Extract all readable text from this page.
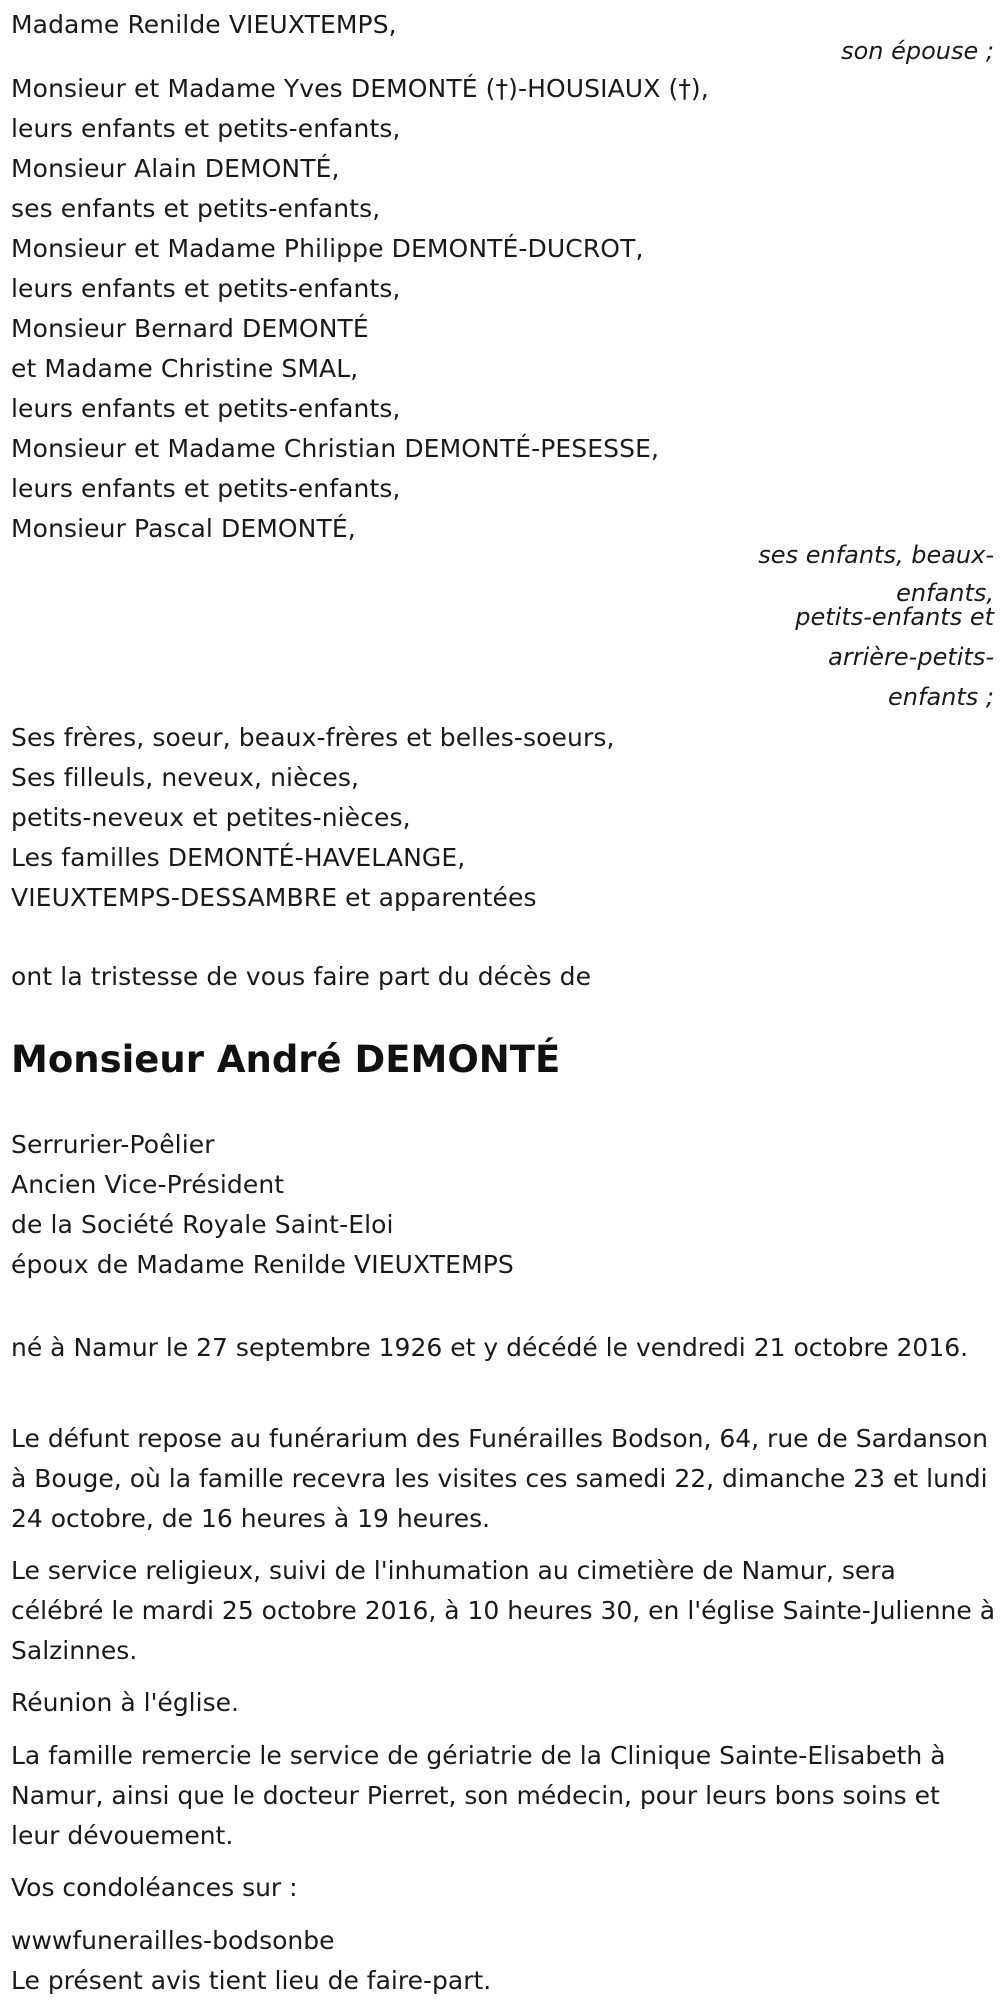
Madame Renilde VIEUXTEMPS,
son épouse ;
Monsieur et Madame Yves DEMONTÉ (†)-HOUSIAUX (†),
leurs enfants et petits-enfants,
Monsieur Alain DEMONTÉ,
ses enfants et petits-enfants,
Monsieur et Madame Philippe DEMONTÉ-DUCROT,
leurs enfants et petits-enfants,
Monsieur Bernard DEMONTÉ
et Madame Christine SMAL,
leurs enfants et petits-enfants,
Monsieur et Madame Christian DEMONTÉ-PESESSE,
leurs enfants et petits-enfants,
Monsieur Pascal DEMONTÉ,
ses enfants, beaux-
enfants,
petits-enfants et
arrière-petits-
enfants ;
Ses frères, soeur, beaux-frères et belles-soeurs,
Ses filleuls, neveux, nièces,
petits-neveux et petites-nièces,
Les familles DEMONTÉ-HAVELANGE,
VIEUXTEMPS-DESSAMBRE et apparentées
ont la tristesse de vous faire part du décès de
Monsieur André DEMONTÉ
Serrurier-Poêlier
Ancien Vice-Président
de la Société Royale Saint-Eloi
époux de Madame Renilde VIEUXTEMPS
né à Namur le 27 septembre 1926 et y décédé le vendredi 21 octobre 2016.
Le défunt repose au funérarium des Funérailles Bodson, 64, rue de Sardanson à Bouge, où la famille recevra les visites ces samedi 22, dimanche 23 et lundi 24 octobre, de 16 heures à 19 heures.
Le service religieux, suivi de l'inhumation au cimetière de Namur, sera célébré le mardi 25 octobre 2016, à 10 heures 30, en l'église Sainte-Julienne à Salzinnes.
Réunion à l'église.
La famille remercie le service de gériatrie de la Clinique Sainte-Elisabeth à Namur, ainsi que le docteur Pierret, son médecin, pour leurs bons soins et leur dévouement.
Vos condoléances sur :
wwwfunerailles-bodsonbe
Le présent avis tient lieu de faire-part.
